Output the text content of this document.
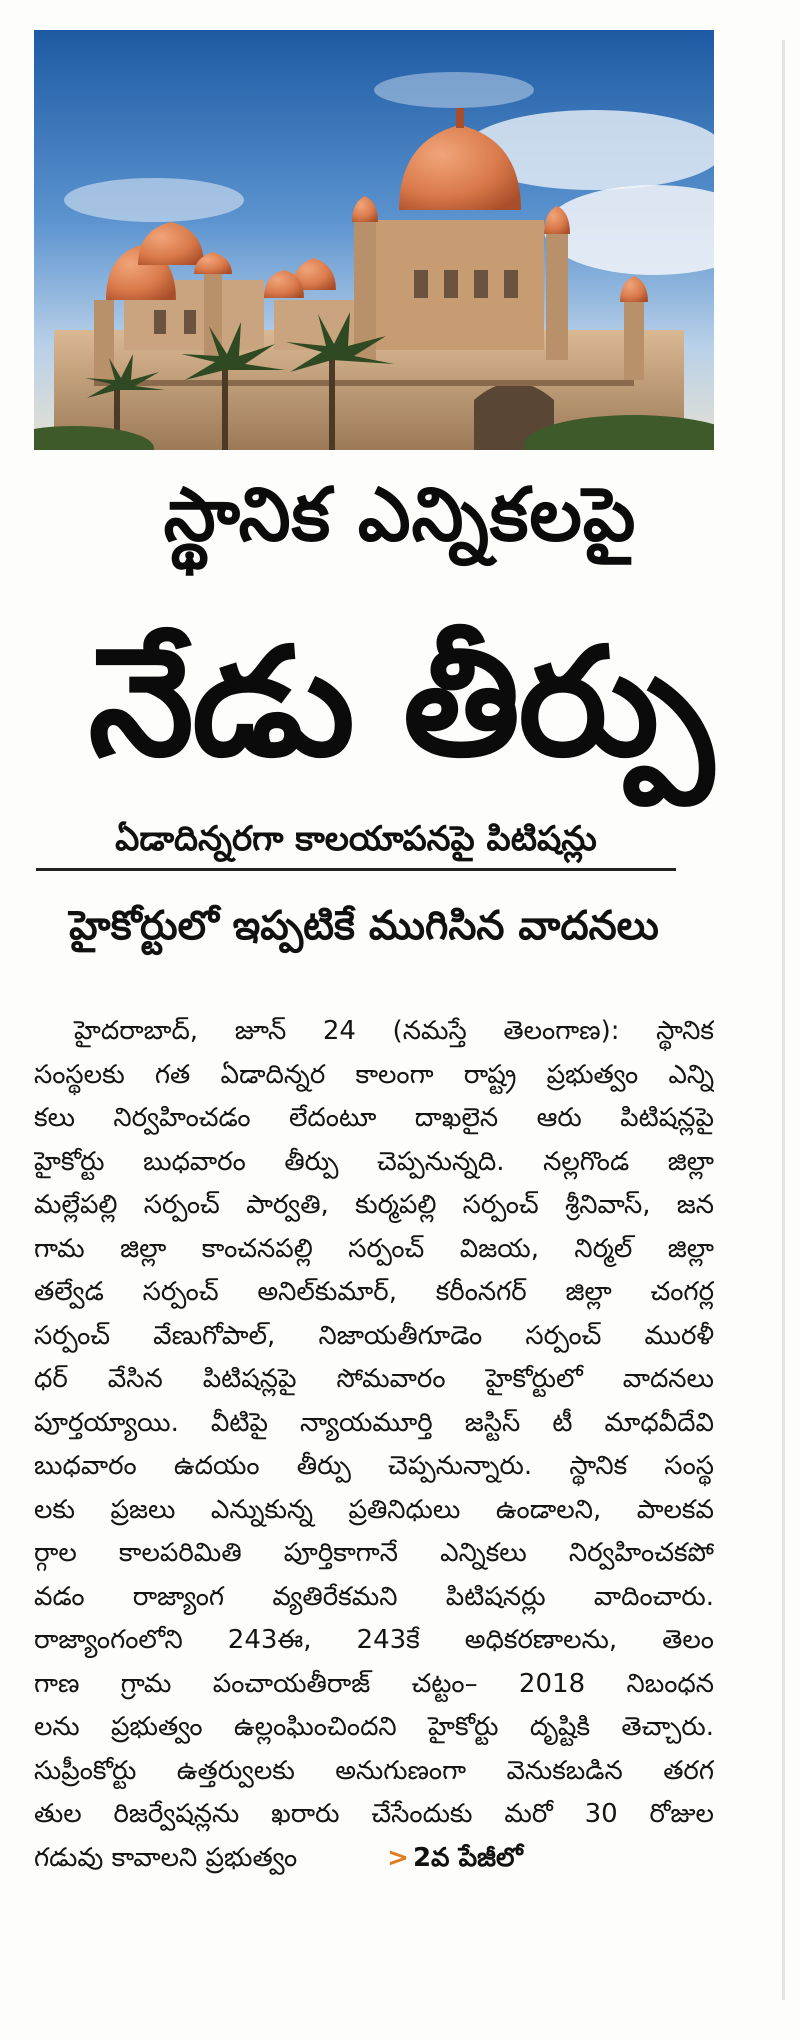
స్థానిక ఎన్నికలపై
నేడు తీర్పు
ఏడాదిన్నరగా కాలయాపనపై పిటిషన్లు
హైకోర్టులో ఇప్పటికే ముగిసిన వాదనలు
హైదరాబాద్, జూన్ 24 (నమస్తే తెలంగాణ): స్థానిక
సంస్థలకు గత ఏడాదిన్నర కాలంగా రాష్ట్ర ప్రభుత్వం ఎన్ని
కలు నిర్వహించడం లేదంటూ దాఖలైన ఆరు పిటిషన్లపై
హైకోర్టు బుధవారం తీర్పు చెప్పనున్నది. నల్లగొండ జిల్లా
మల్లేపల్లి సర్పంచ్ పార్వతి, కుర్మపల్లి సర్పంచ్ శ్రీనివాస్, జన
గామ జిల్లా కాంచనపల్లి సర్పంచ్ విజయ, నిర్మల్ జిల్లా
తల్వేడ సర్పంచ్ అనిల్‌కుమార్, కరీంనగర్ జిల్లా చంగర్ల
సర్పంచ్ వేణుగోపాల్, నిజాయతీగూడెం సర్పంచ్ మురళీ
ధర్ వేసిన పిటిషన్లపై సోమవారం హైకోర్టులో వాదనలు
పూర్తయ్యాయి. వీటిపై న్యాయమూర్తి జస్టిస్ టీ మాధవీదేవి
బుధవారం ఉదయం తీర్పు చెప్పనున్నారు. స్థానిక సంస్థ
లకు ప్రజలు ఎన్నుకున్న ప్రతినిధులు ఉండాలని, పాలకవ
ర్గాల కాలపరిమితి పూర్తికాగానే ఎన్నికలు నిర్వహించకపో
వడం రాజ్యాంగ వ్యతిరేకమని పిటిషనర్లు వాదించారు.
రాజ్యాంగంలోని 243ఈ, 243కే అధికరణాలను, తెలం
గాణ గ్రామ పంచాయతీరాజ్ చట్టం– 2018 నిబంధన
లను ప్రభుత్వం ఉల్లంఘించిందని హైకోర్టు దృష్టికి తెచ్చారు.
సుప్రీంకోర్టు ఉత్తర్వులకు అనుగుణంగా వెనుకబడిన తరగ
తుల రిజర్వేషన్లను ఖరారు చేసేందుకు మరో 30 రోజుల
గడువు కావాలని ప్రభుత్వం	> 2వ పేజీలో
